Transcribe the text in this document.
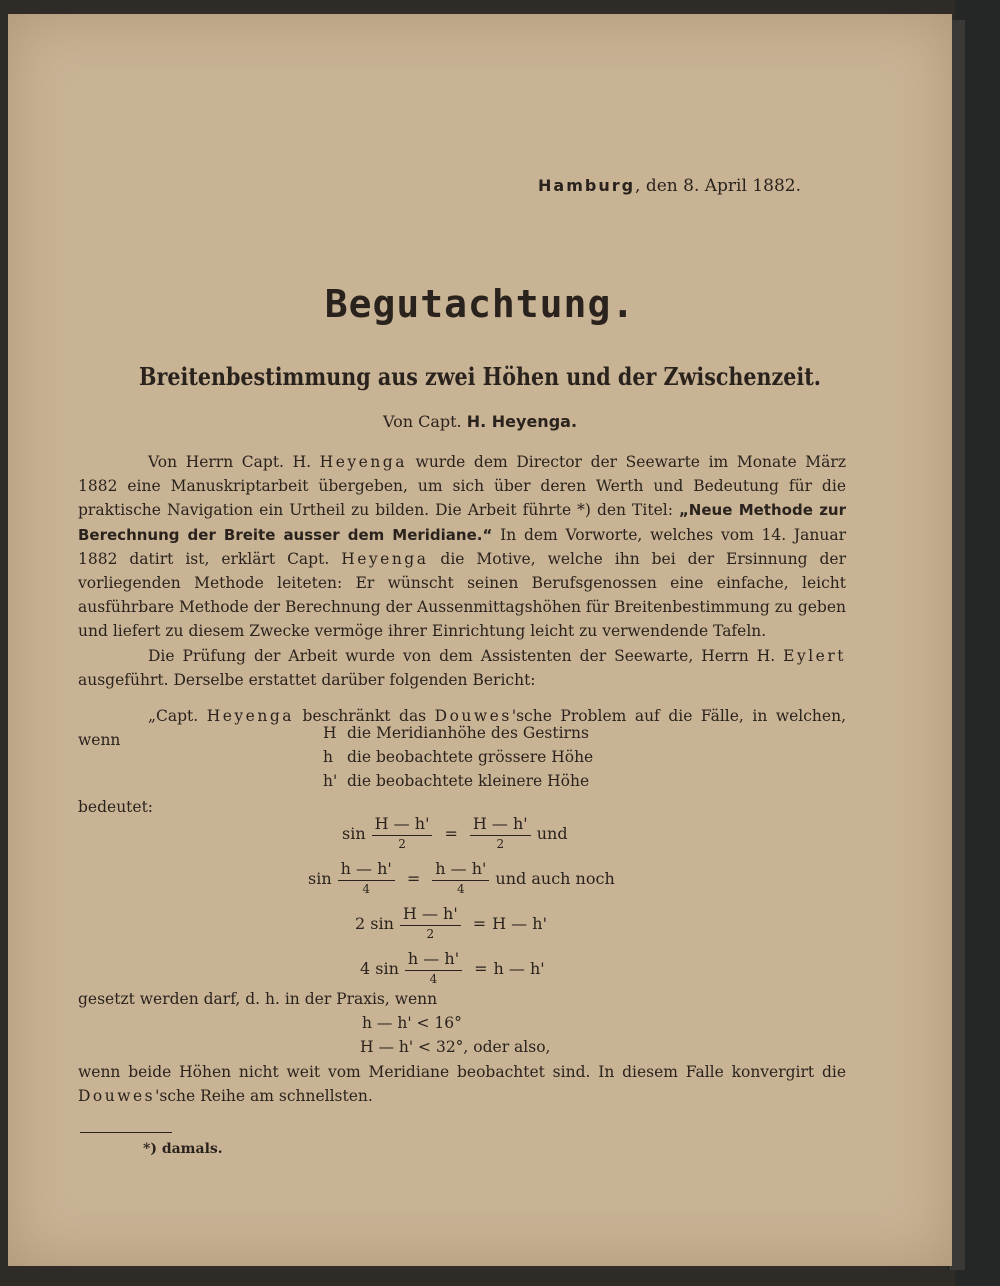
Hamburg, den 8. April 1882.
Begutachtung.
Breitenbestimmung aus zwei Höhen und der Zwischenzeit.
Von Capt. H. Heyenga.
Von Herrn Capt. H. Heyenga wurde dem Director der Seewarte im Monate März 1882 eine Manuskriptarbeit übergeben, um sich über deren Werth und Bedeutung für die praktische Navigation ein Urtheil zu bilden. Die Arbeit führte *) den Titel: „Neue Methode zur Berechnung der Breite ausser dem Meridiane.“ In dem Vorworte, welches vom 14. Januar 1882 datirt ist, erklärt Capt. Heyenga die Motive, welche ihn bei der Ersinnung der vorliegenden Methode leiteten: Er wünscht seinen Berufsgenossen eine einfache, leicht ausführbare Methode der Berechnung der Aussenmittagshöhen für Breitenbestimmung zu geben und liefert zu diesem Zwecke vermöge ihrer Einrichtung leicht zu verwendende Tafeln.
Die Prüfung der Arbeit wurde von dem Assistenten der Seewarte, Herrn H. Eylert ausgeführt. Derselbe erstattet darüber folgenden Bericht:
„Capt. Heyenga beschränkt das Douwes'sche Problem auf die Fälle, in welchen, wenn	H die Meridianhöhe des Gestirns
h die beobachtete grössere Höhe
h' die beobachtete kleinere Höhe
bedeutet:
$\sin \frac{H — h'}{2} = \frac{H — h'}{2}$ und
$\sin \frac{h — h'}{4} = \frac{h — h'}{4}$ und auch noch
2 $\sin \frac{H — h'}{2} = H$ — h'
4 $\sin \frac{h — h'}{4} = h$ — h'
gesetzt werden darf, d. h. in der Praxis, wenn
h — h' < 16°
H — h' < 32°, oder also,
wenn beide Höhen nicht weit vom Meridiane beobachtet sind. In diesem Falle konvergirt die Douwes'sche Reihe am schnellsten.
*) damals.
